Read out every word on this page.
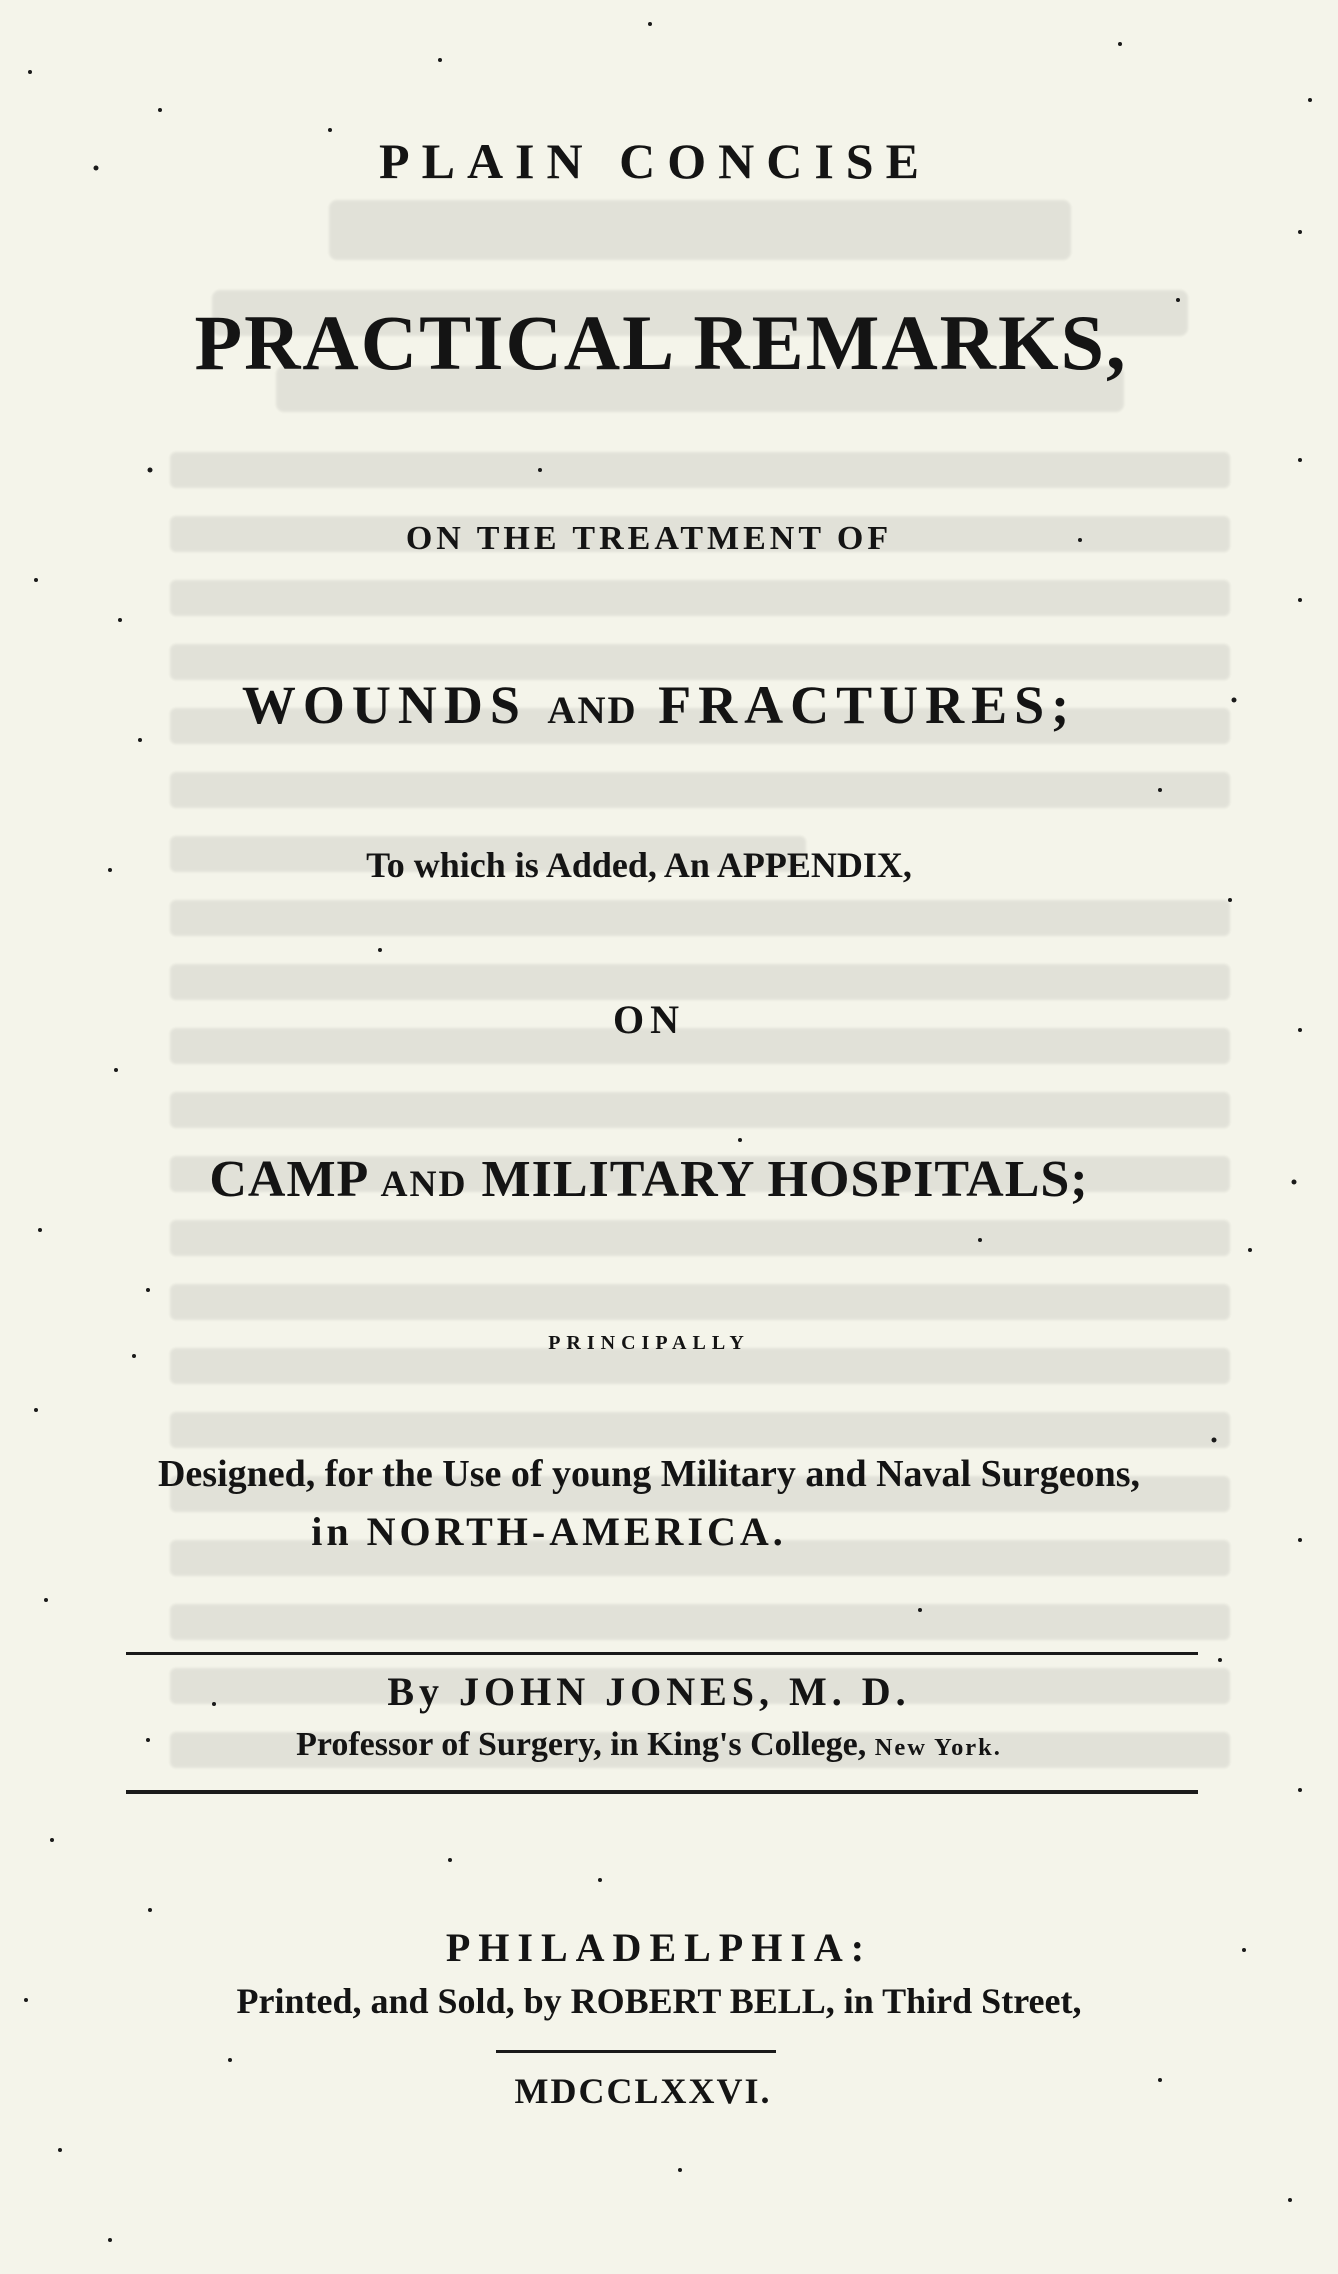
PLAIN CONCISE
PRACTICAL REMARKS,
ON THE TREATMENT OF
WOUNDS AND FRACTURES;
To which is Added, An APPENDIX,
ON
CAMP AND MILITARY HOSPITALS;
PRINCIPALLY
Designed, for the Use of young Military and Naval Surgeons,
in NORTH-AMERICA.
By JOHN JONES, M. D.
Professor of Surgery, in King's College, New York.
PHILADELPHIA:
Printed, and Sold, by ROBERT BELL, in Third Street,
MDCCLXXVI.
